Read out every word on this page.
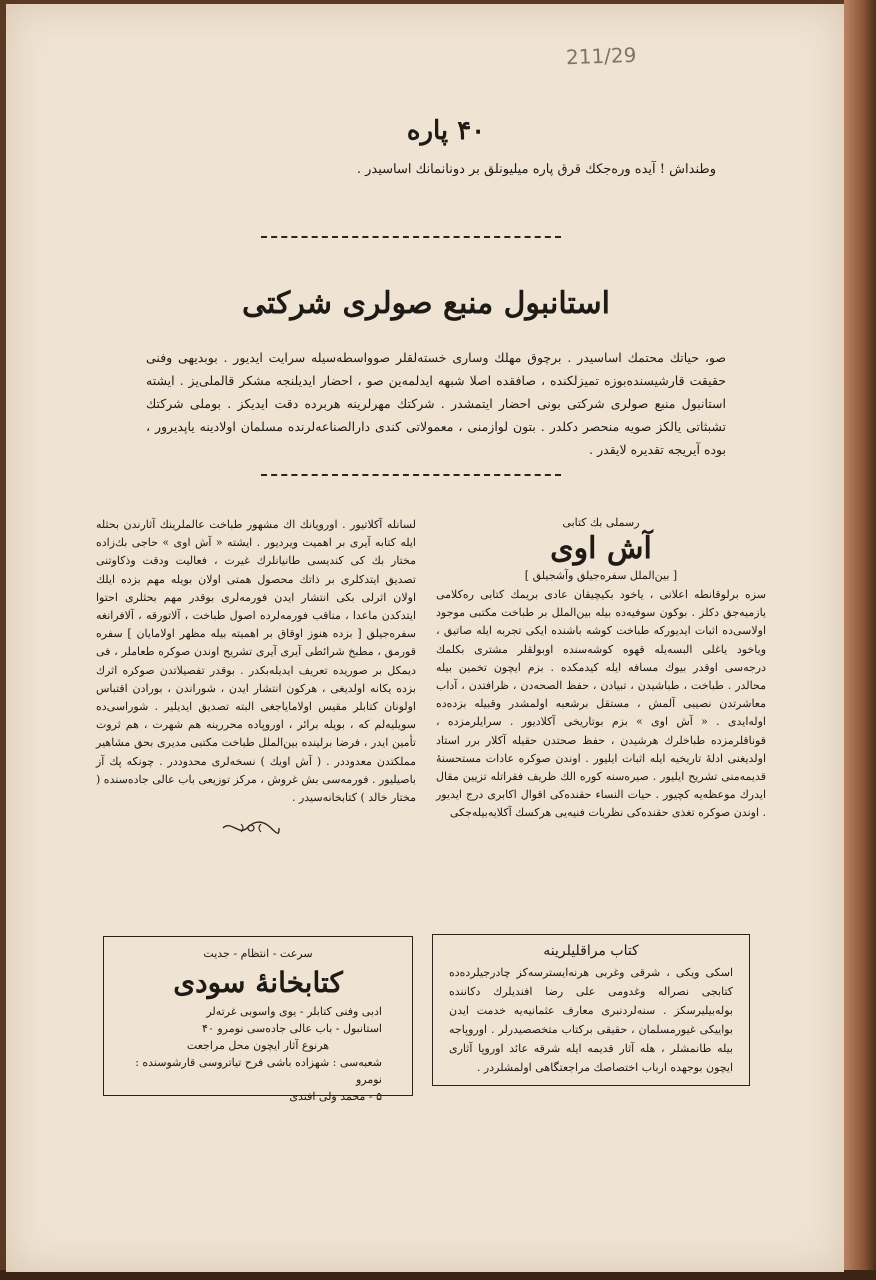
211/29
۴۰ پاره
وطنداش ! آیده وره‌جکك قرق پاره میلیونلق بر دونانمانك اساسیدر .
استانبول منبع صولری شرکتی
صو، حیاتك محتمك اساسیدر . برچوق مهلك وساری خسته‌لقلر صوواسطه‌سیله سرایت ایدیور . بوبدیهی وفنی حقیقت قارشیسنده‌بوزه تمیزلکنده ، صافقده اصلا شبهه ایدلمه‌ین صو ، احضار ایدیلنجه مشکر قالملی‌یز . ایشته استانبول منبع صولری شرکتی بونی احضار ایتمشدر . شرکتك مهرلرینه هربرده دقت ایدیکز . بوملی شرکتك تشبثاتی یالکز صویه منحصر دکلدر . بتون لوازمنی ، معمولاتی کندی دارالصناعه‌لرنده مسلمان اولادینه یاپدیرور ، بوده آیریجه تقدیره لایقدر .
رسملی بك کتابی
آش اوی
[ بین‌الملل سفره‌جیلق وآشجیلق ]
سزه برلوقانطه اعلانی ، یاخود بکیچیقان عادی بریمك کتابی ره‌کلامی یازمیه‌جق دکلز . بوکون سوفیه‌ده بیله بین‌الملل بر طباخت مکتبی موجود اولاسی‌ده اثبات ایدیورکه طباخت کوشه باشنده ایکی تجربه ایله صاتیق ، ویاخود یاغلی البسه‌یله قهوه کوشه‌سنده اوبولقلر مشتری بکلمك درجه‌سی اوقدر بیوك مسافه ایله کیدمکده . بزم ایچون تخمین بیله محالدر . طباخت ، طباشیدن ، تبیادن ، حفظ الصحه‌دن ، ظرافتدن ، آداب معاشرتدن نصیبی آلمش ، مستقل برشعبه اولمشدر وقبیله بزده‌ده اوله‌ایدی . « آش اوی » بزم بوتاریخی آکلادیور . سرایلرمزده ، قوناقلرمزده طباخلرك هرشیدن ، حفظ صحتدن حقیله آکلار برر استاد اولدیغنی ادلهٔ تاریخیه ایله اثبات ایلیور . اوندن صوکره عادات مستحسنهٔ قدیمه‌منی تشریح ایلیور . صیره‌سنه کوره الك ظریف فقراتله تزیین مقال ایدرك موعظه‌یه کچیور . حیات النساء حقنده‌کی اقوال اکابری درج ایدیور . اوندن صوکره تغذی حقنده‌کی نظریات فنیه‌یی هرکسك آکلایه‌بیله‌جکی
لسانله آکلاتیور . اورویانك اك مشهور طباخت عالملرینك آثارندن بحثله ایله کتابه آیری بر اهمیت ویردیور . ایشته « آش اوی » حاجی بك‌زاده مختار بك کی کندیسی طانیانلرك غیرت ، فعالیت ودقت وذکاوتنی تصدیق ایتدکلری بر ذاتك محصول همتی اولان بویله مهم بزده ایلك اولان اثرلی بکی انتشار ایدن فورمه‌لری بوقدر مهم بحثلری احتوا ایتدکدن ماعدا ، مناقب فورمه‌لرده اصول طباخت ، آلاتورقه ، آلافرانغه سفره‌جیلق [ بزده هنوز اوقاق بر اهمیته بیله مظهر اولامایان ] سفره قورمق ، مطبخ شرائطی آیری آیری تشریح اوندن صوکره طعاملر ، فی دیمکل بر صوریده تعریف ایدیله‌بکدر . بوقدر تفصیلاتدن صوکره اثرك بزده یکانه اولدیغی ، هرکون انتشار ایدن ، شوراندن ، بورادن اقتباس اولونان کتابلر مقیس اولامایاجغی البته تصدیق ایدیلیر . شوراسی‌ده سویلیه‌لم که ، بویله برائر ، اوروپاده محررینه هم شهرت ، هم ثروت تأمین ایدر ، فرضا برلینده بین‌الملل طباخت مکتبی مدیری بحق مشاهیر مملکتدن معدوددر . ( آش اویك ) نسخه‌لری محدوددر . چونکه پك آز باصیلیور . فورمه‌سی بش غروش ، مرکز توزیعی باب عالی جاده‌سنده ( مختار خالد ) کتابخانه‌سیدر .
سرعت - انتظام - جدیت
کتابخانهٔ سودی
ادبی وفنی کتابلر - یوی واسوبی غرته‌لر
استانبول - باب عالی جاده‌سی نومرو ۴۰
هرنوع آثار ایچون محل مراجعت
شعبه‌سی : شهزاده باشی فرح تیاتروسی قارشوسنده : نومرو
۵ - محمد ولی افندی
کتاب مراقلیلرینه
اسکی ویکی ، شرقی وغربی هرنه‌ایسترسه‌کز چادرجیلرده‌ده کتابجی نصراله وغدومی علی رضا افندیلرك دکاننده بوله‌بیلیرسکز . سنه‌لردنبری معارف عثمانیه‌یه خدمت ایدن بواییکی غیورمسلمان ، حقیقی برکتاب متخصصیدرلر . اوروپاجه بیله طانمشلر ، هله آثار قدیمه ایله شرقه عائد اوروپا آثاری ایچون بوجهده ارباب اختصاصك مراجعتگاهی اولمشلردر .
